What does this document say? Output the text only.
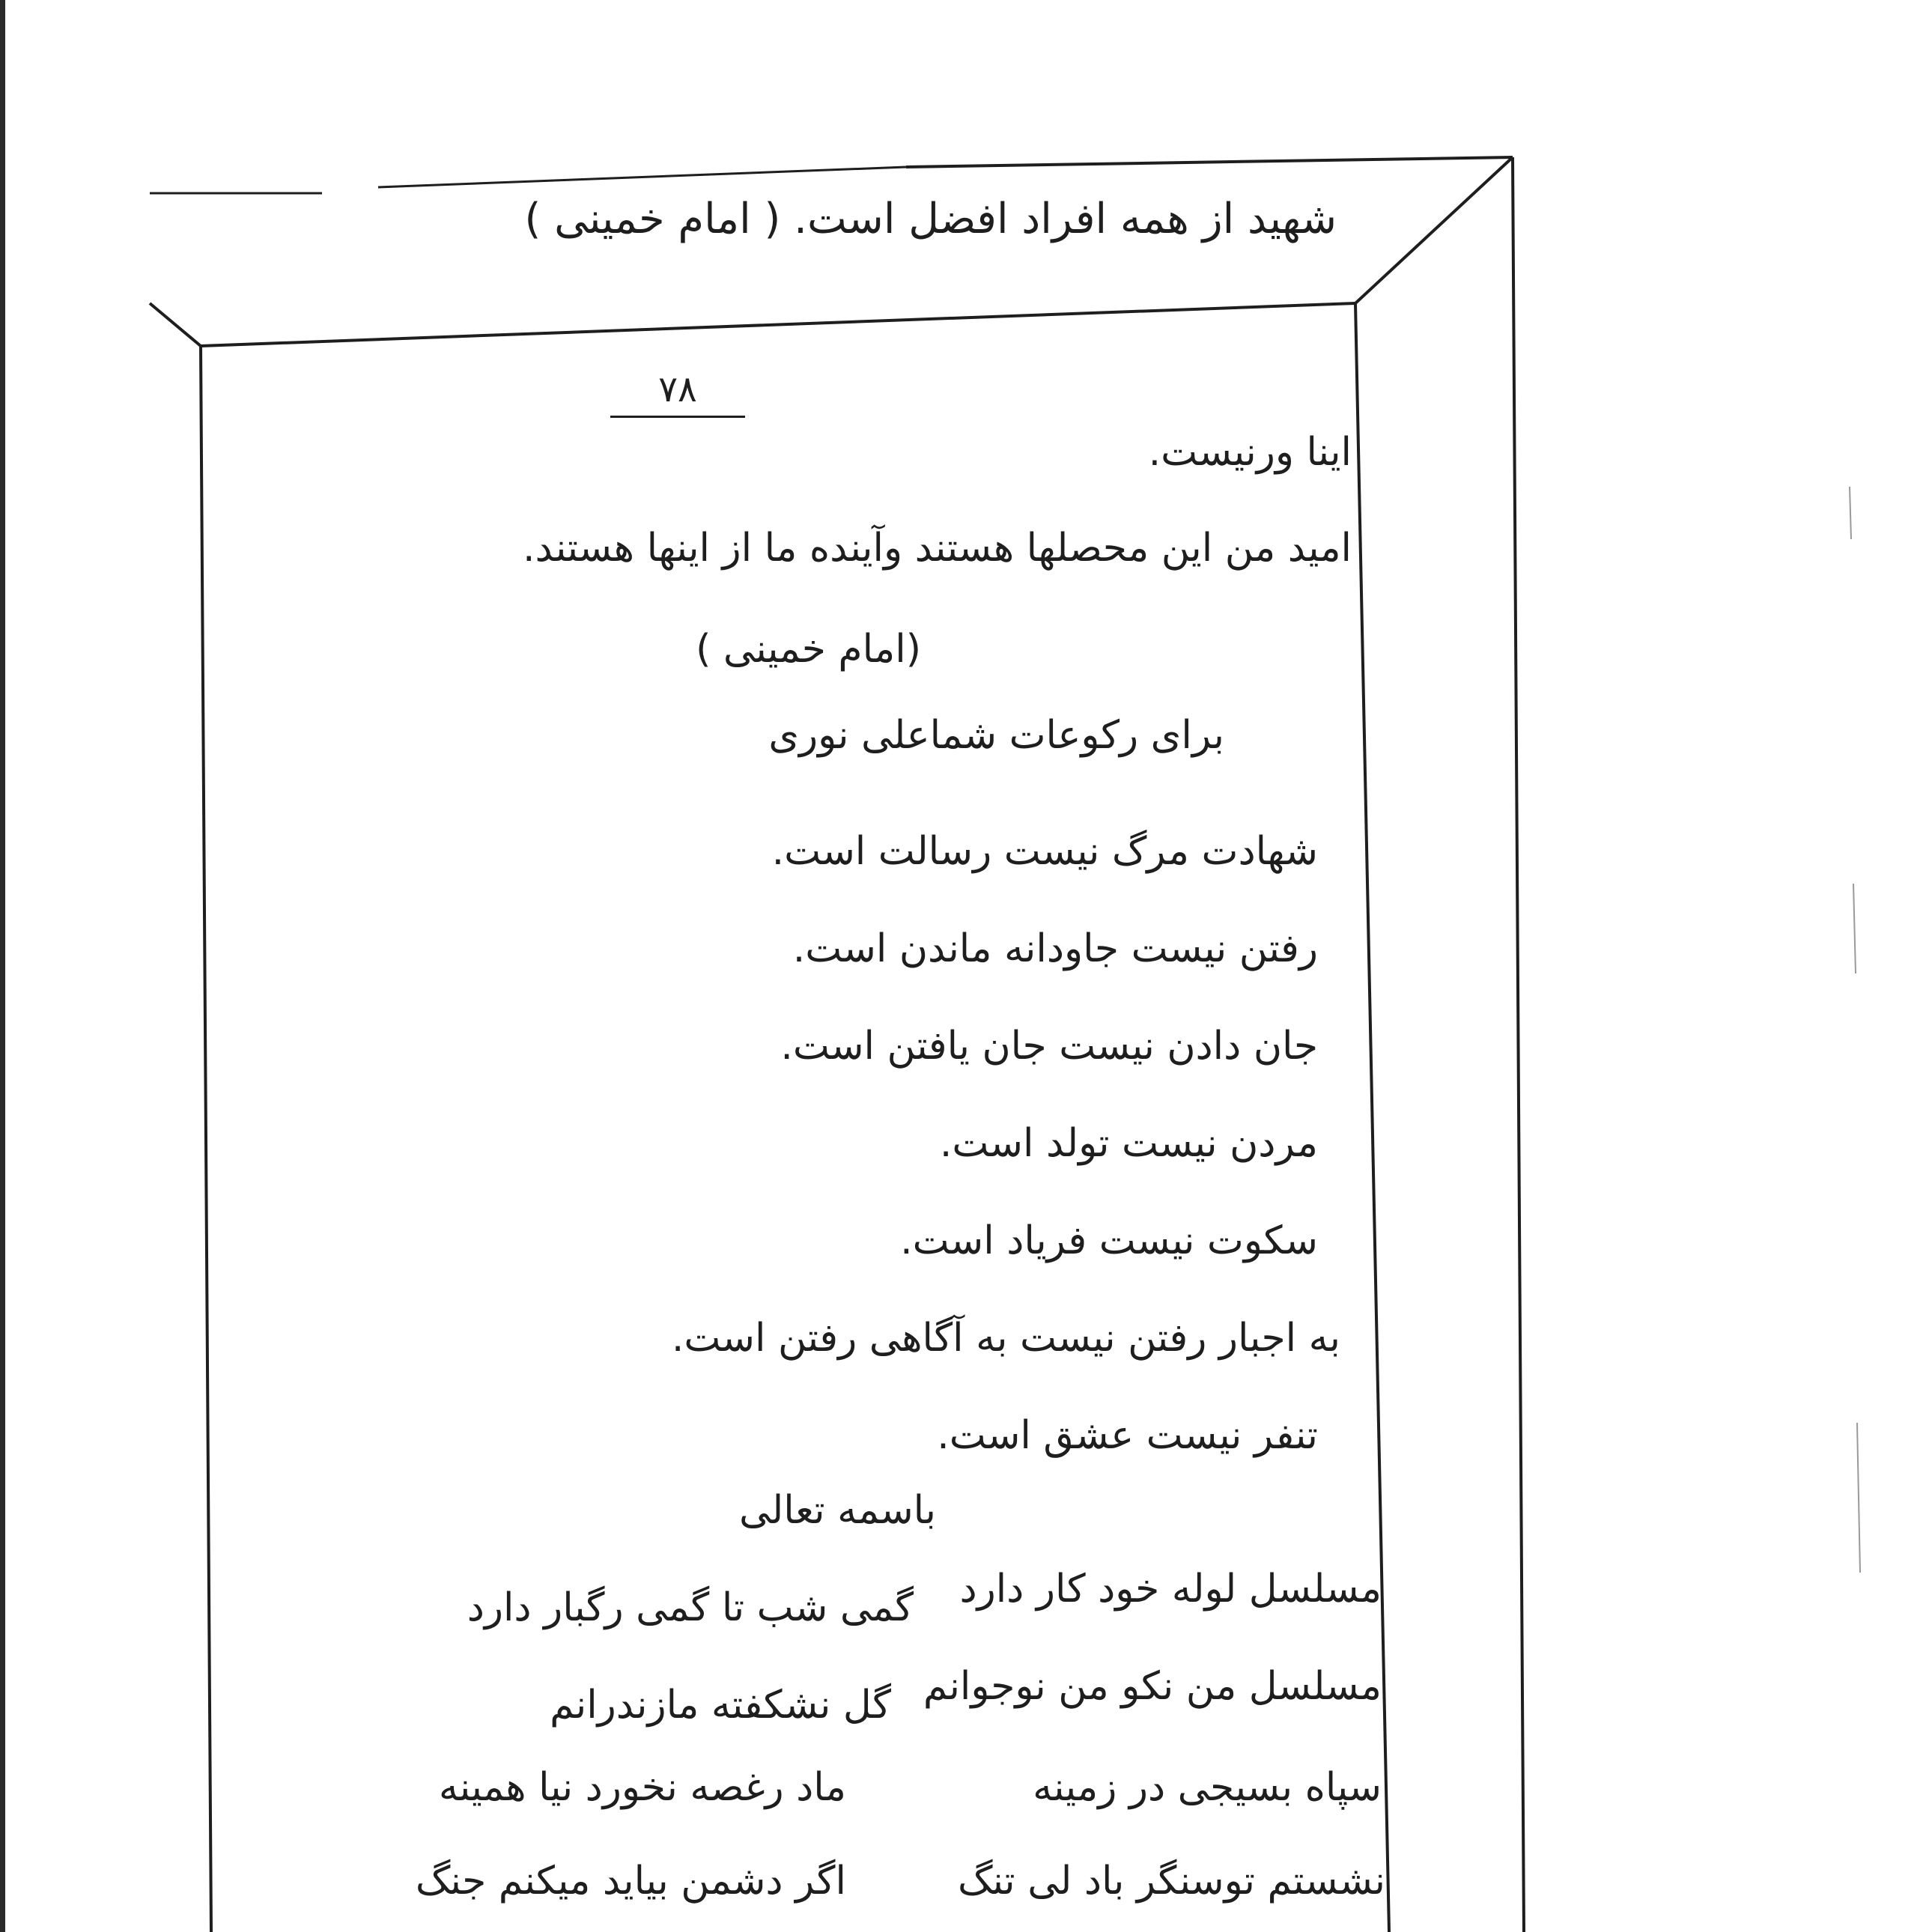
شهید از همه افراد افضل است. ( امام خمینی )
۷۸
اینا ورنیست.
امید من این محصلها هستند وآینده ما از اینها هستند.
(امام خمینی )
برای رکوعات شماعلی نوری
شهادت مرگ نیست رسالت است.
رفتن نیست جاودانه ماندن است.
جان دادن نیست جان یافتن است.
مردن نیست تولد است.
سکوت نیست فریاد است.
به اجبار رفتن نیست به آگاهی رفتن است.
تنفر نیست عشق است.
باسمه تعالی
مسلسل لوله خود کار دارد
گمی شب تا گمی رگبار دارد
مسلسل من نکو من نوجوانم
گل نشکفته مازندرانم
سپاه بسیجی در زمینه
ماد رغصه نخورد نیا همینه
نشستم توسنگر باد لی تنگ
اگر دشمن بیاید میکنم جنگ
